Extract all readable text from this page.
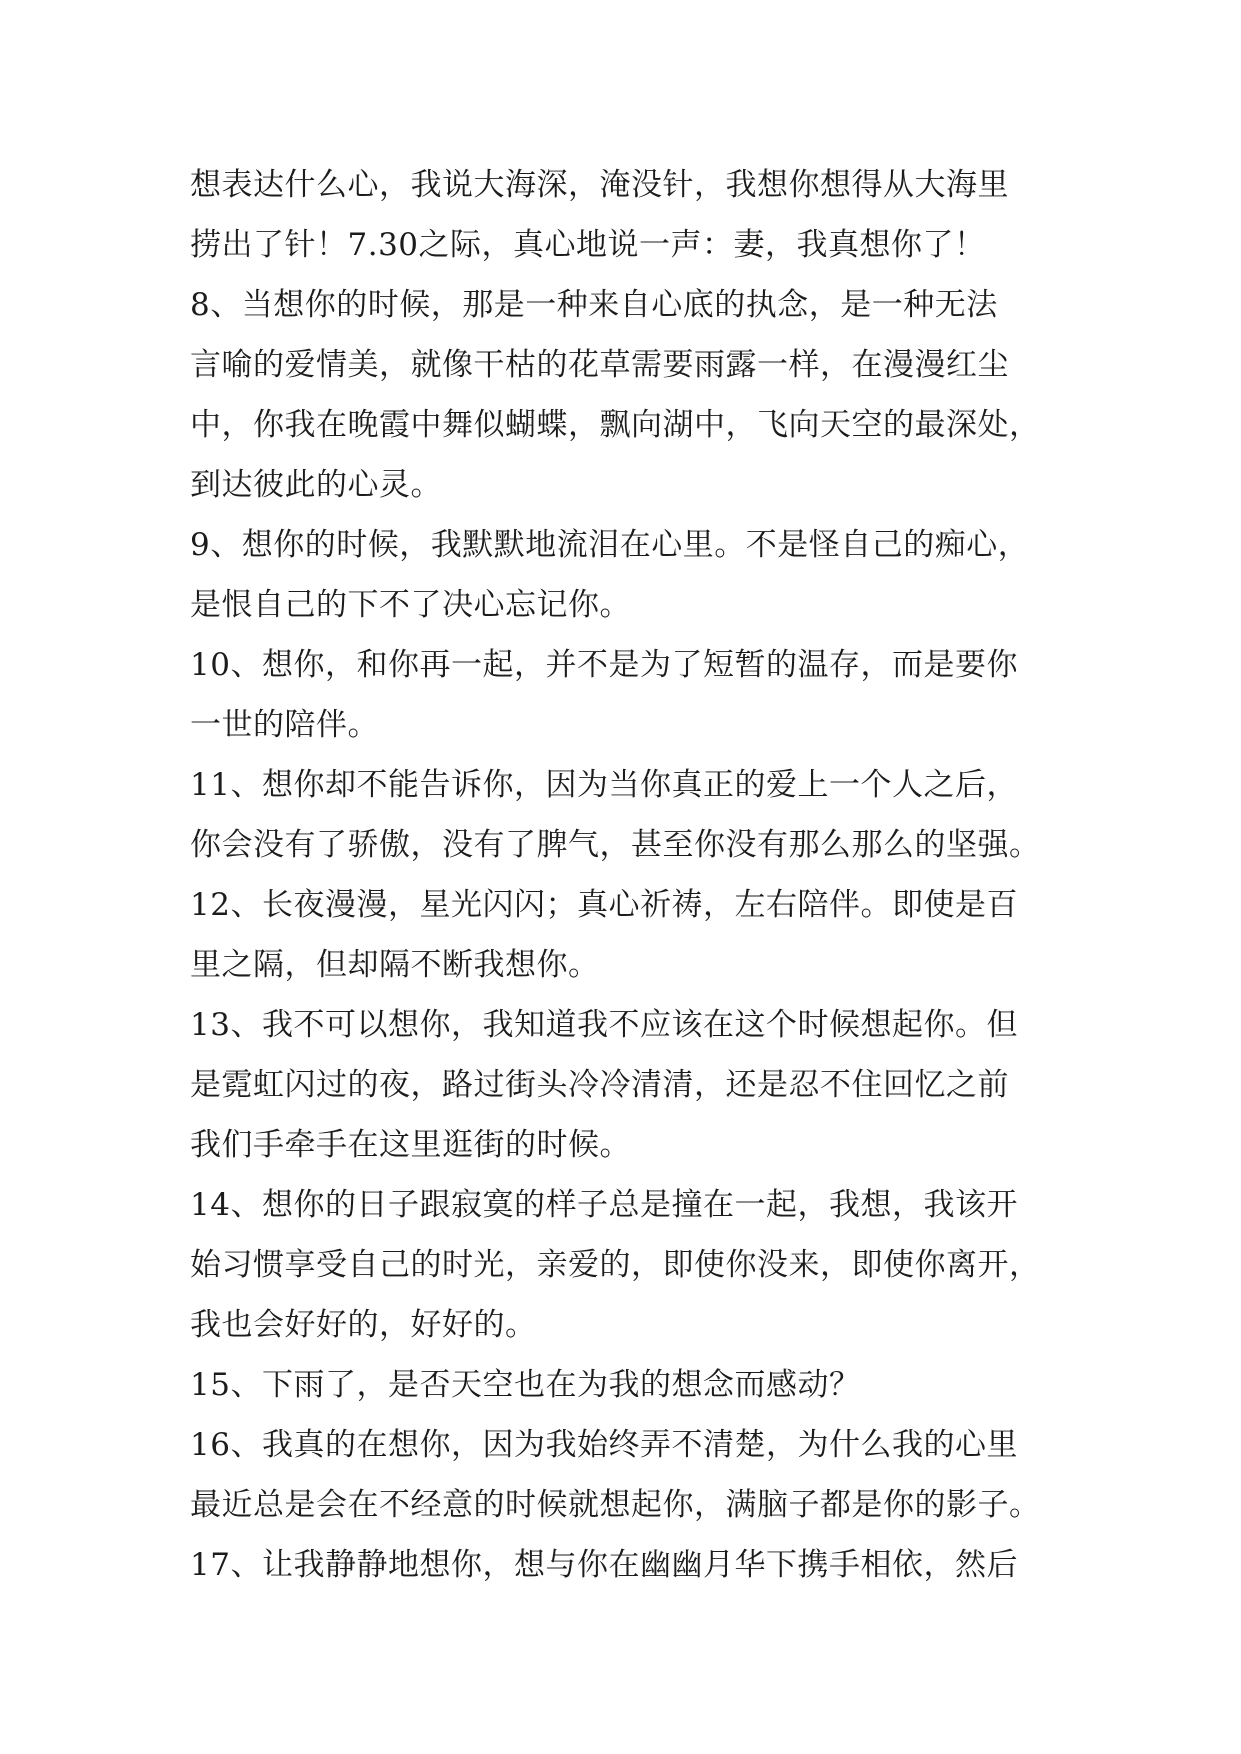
想表达什么心，我说大海深，淹没针，我想你想得从大海里
捞出了针！7.30之际，真心地说一声：妻，我真想你了！
8、当想你的时候，那是一种来自心底的执念，是一种无法
言喻的爱情美，就像干枯的花草需要雨露一样，在漫漫红尘
中，你我在晚霞中舞似蝴蝶，飘向湖中，飞向天空的最深处，
到达彼此的心灵。
9、想你的时候，我默默地流泪在心里。不是怪自己的痴心，
是恨自己的下不了决心忘记你。
10、想你，和你再一起，并不是为了短暂的温存，而是要你
一世的陪伴。
11、想你却不能告诉你，因为当你真正的爱上一个人之后，
你会没有了骄傲，没有了脾气，甚至你没有那么那么的坚强。
12、长夜漫漫，星光闪闪；真心祈祷，左右陪伴。即使是百
里之隔，但却隔不断我想你。
13、我不可以想你，我知道我不应该在这个时候想起你。但
是霓虹闪过的夜，路过街头冷冷清清，还是忍不住回忆之前
我们手牵手在这里逛街的时候。
14、想你的日子跟寂寞的样子总是撞在一起，我想，我该开
始习惯享受自己的时光，亲爱的，即使你没来，即使你离开，
我也会好好的，好好的。
15、下雨了，是否天空也在为我的想念而感动？
16、我真的在想你，因为我始终弄不清楚，为什么我的心里
最近总是会在不经意的时候就想起你，满脑子都是你的影子。
17、让我静静地想你，想与你在幽幽月华下携手相依，然后
